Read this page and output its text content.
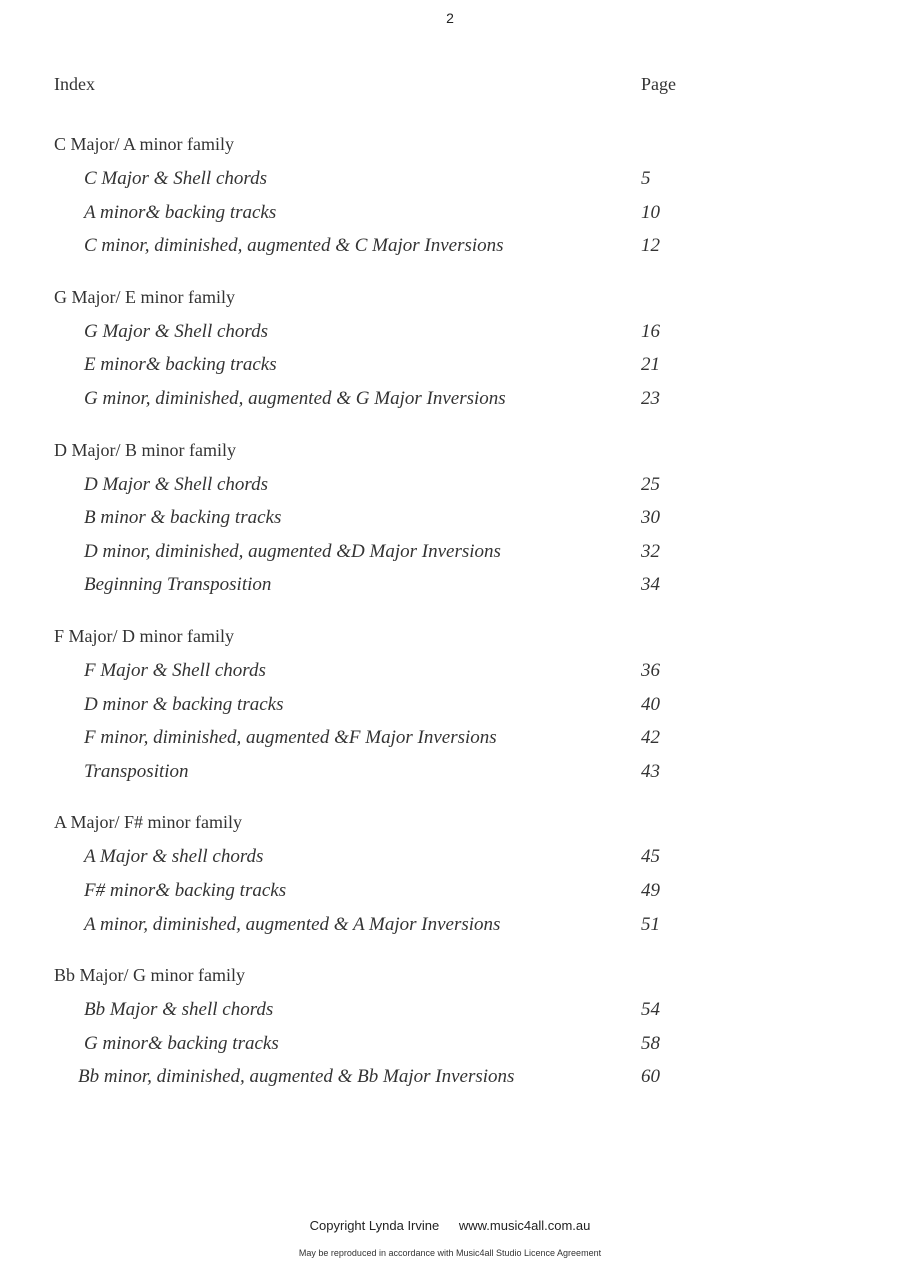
2
Index	Page
C Major/ A minor family
C Major & Shell chords	5
A minor& backing tracks	10
C minor, diminished, augmented & C Major Inversions	12
G Major/ E minor family
G Major & Shell chords	16
E minor& backing tracks	21
G minor, diminished, augmented & G Major Inversions	23
D Major/ B minor family
D Major & Shell chords	25
B minor & backing tracks	30
D minor, diminished, augmented &D Major Inversions	32
Beginning Transposition	34
F Major/ D minor family
F Major & Shell chords	36
D minor & backing tracks	40
F minor, diminished, augmented &F Major Inversions	42
Transposition	43
A Major/ F# minor family
A Major & shell chords	45
F# minor& backing tracks	49
A minor, diminished, augmented & A Major Inversions	51
Bb Major/ G minor family
Bb Major & shell chords	54
G minor& backing tracks	58
Bb minor, diminished, augmented & Bb Major Inversions	60
Copyright Lynda Irvine www.music4all.com.au
May be reproduced in accordance with Music4all Studio Licence Agreement
